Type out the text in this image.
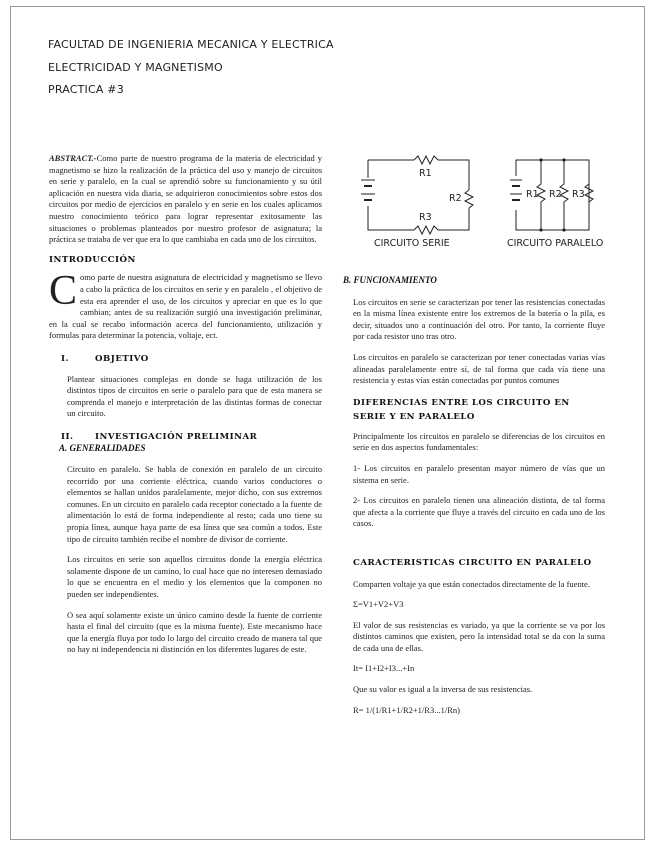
FACULTAD DE INGENIERIA MECANICA Y ELECTRICA
ELECTRICIDAD Y MAGNETISMO
PRACTICA #3

ABSTRACT.-Como parte de nuestro programa de la materia de electricidad y magnetismo se hizo la realización de la práctica del uso y manejo de circuitos en serie y paralelo, en la cual se aprendió sobre su funcionamiento y su útil aplicación en nuestra vida diaria, se adquirieron conocimientos sobre estos dos circuitos por medio de ejercicios en paralelo y en serie en los cuales aplicamos nuestro conocimiento teórico para lograr representar exitosamente las situaciones o problemas planteados por nuestro profesor de asignatura; la práctica se trataba de ver que era lo que cambiaba en cada uno de los circuitos.

INTRODUCCIÓN

Como parte de nuestra asignatura de electricidad y magnetismo se llevo a cabo la práctica de los circuitos en serie y en paralelo , el objetivo de esta era aprender el uso, de los circuitos y apreciar en que es lo que cambian; antes de su realización surgió una investigación preliminar, en la cual se recabo información acerca del funcionamiento, utilización y formulas para determinar la potencia, voltaje, ect.

I.	OBJETIVO

Plantear situaciones complejas en donde se haga utilización de los distintos tipos de circuitos en serie o paralelo para que de esta manera se comprenda el manejo e interpretación de las distintas formas de conectar un circuito.

II. INVESTIGACIÓN PRELIMINAR
A. GENERALIDADES

Circuito en paralelo. Se habla de conexión en paralelo de un circuito recorrido por una corriente eléctrica, cuando varios conductores o elementos se hallan unidos paralelamente, mejor dicho, con sus extremos comunes. En un circuito en paralelo cada receptor conectado a la fuente de alimentación lo está de forma independiente al resto; cada uno tiene su propia línea, aunque haya parte de esa línea que sea común a todos. Este tipo de circuito también recibe el nombre de divisor de corriente.

Los circuitos en serie son aquellos circuitos donde la energía eléctrica solamente dispone de un camino, lo cual hace que no interesen demasiado lo que se encuentra en el medio y los elementos que la componen no pueden ser independientes.

O sea aquí solamente existe un único camino desde la fuente de corriente hasta el final del circuito (que es la misma fuente). Este mecanismo hace que la energía fluya por todo lo largo del circuito creado de manera tal que no hay ni independencia ni distinción en los diferentes lugares de este.

R1
R2
R3
CIRCUITO SERIE
R1 R2 R3
CIRCUITO PARALELO
B. FUNCIONAMIENTO

Los circuitos en serie se caracterizan por tener las resistencias conectadas en la misma línea existente entre los extremos de la batería o la pila, es decir, situados uno a continuación del otro. Por tanto, la corriente fluye por cada resistor uno tras otro.

Los circuitos en paralelo se caracterizan por tener conectadas varias vías alineadas paralelamente entre sí, de tal forma que cada vía tiene una resistencia y estas vías están conectadas por puntos comunes

DIFERENCIAS ENTRE LOS CIRCUITO EN SERIE Y EN PARALELO

Principalmente los circuitos en paralelo se diferencias de los circuitos en serie en dos aspectos fundamentales:

1- Los circuitos en paralelo presentan mayor número de vías que un sistema en serie.

2- Los circuitos en paralelo tienen una alineación distinta, de tal forma que afecta a la corriente que fluye a través del circuito en cada uno de los casos.

CARACTERISTICAS CIRCUITO EN PARALELO

Comparten voltaje ya que están conectados directamente de la fuente.

Σ=V1+V2+V3

El valor de sus resistencias es variado, ya que la corriente se va por los distintos caminos que existen, pero la intensidad total se da con la suma de cada una de ellas.

It= I1+I2+I3...+In

Que su valor es igual a la inversa de sus resistencias.

R= 1/(1/R1+1/R2+1/R3...1/Rn)
